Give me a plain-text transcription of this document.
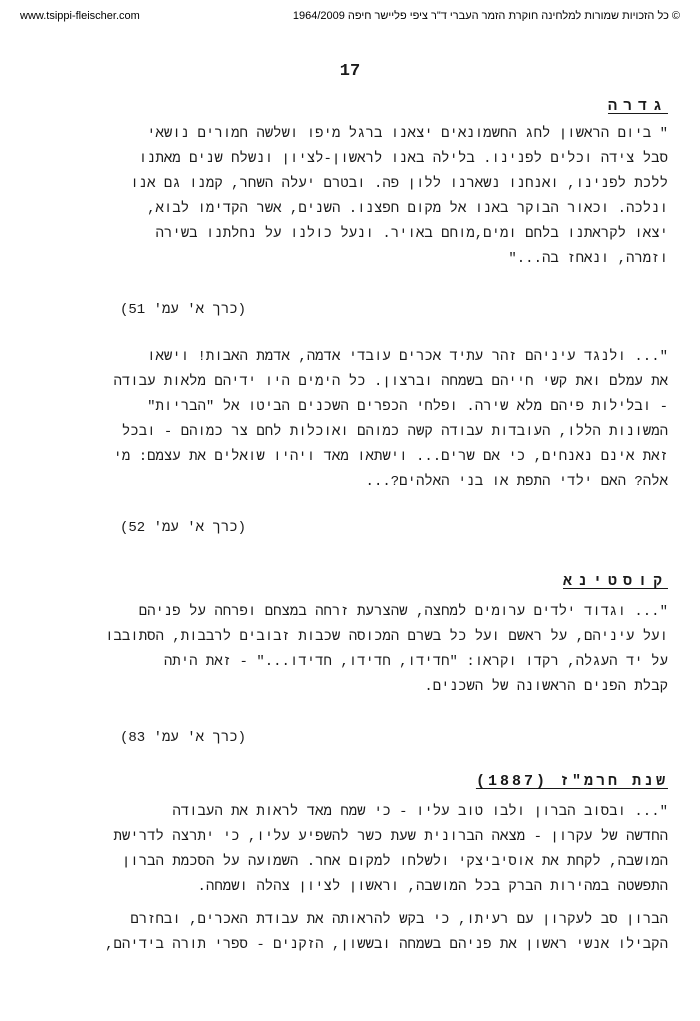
www.tsippi-fleischer.com	© כל הזכויות שמורות למלחינה חוקרת הזמר העברי ד"ר ציפי פליישר חיפה 1964/2009
17
גדרה
" ביום הראשון לחג החשמונאים יצאנו ברגל מיפו ושלשה חמורים נושאי
סבל צידה וכלים לפנינו. בלילה באנו לראשון-לציון ונשלח שנים מאתנו
ללכת לפנינו, ואנחנו נשארנו ללון פה. ובטרם יעלה השחר, קמנו גם אנו
ונלכה. וכאור הבוקר באנו אל מקום חפצנו. השנים, אשר הקדימו לבוא,
יצאו לקראתנו בלחם ומים,מוחם באויר. ונעל כולנו על נחלתנו בשירה
וזמרה, ונאחז בה..."
(כרך א' עמ' 51)
"... ולנגד עיניהם זהר עתיד אכרים עובדי אדמה, אדמת האבות! וישאו
את עמלם ואת קשי חייהם בשמחה וברצון. כל הימים היו ידיהם מלאות עבודה
- ובלילות פיהם מלא שירה. ופלחי הכפרים השכנים הביטו אל "הבריות"
המשונות הללו, העובדות עבודה קשה כמוהם ואוכלות לחם צר כמוהם - ובכל
זאת אינם נאנחים, כי אם שרים... וישתאו מאד ויהיו שואלים את עצמם: מי
אלה? האם ילדי התפת או בני האלהים?...
(כרך א' עמ' 52)
קוסטינא
"... וגדוד ילדים ערומים למחצה, שהצרעת זרחה במצחם ופרחה על פניהם
ועל עיניהם, על ראשם ועל כל בשרם המכוסה שכבות זבובים לרבבות, הסתובבו
על יד העגלה, רקדו וקראו: "חדידו, חדידו, חדידו..." - זאת היתה
קבלת הפנים הראשונה של השכנים.
(כרך א' עמ' 83)
שנת חרמ"ז (1887)
"... ובסוב הברון ולבו טוב עליו - כי שמח מאד לראות את העבודה
החדשה של עקרון - מצאה הברונית שעת כשר להשפיע עליו, כי יתרצה לדרישת
המושבה, לקחת את אוסיביצקי ולשלחו למקום אחר. השמועה על הסכמת הברון
התפשטה במהירות הברק בכל המושבה, וראשון לציון צהלה ושמחה.
הברון סב לעקרון עם רעיתו, כי בקש להראותה את עבודת האכרים, ובחזרם
הקבילו אנשי ראשון את פניהם בשמחה ובששון, הזקנים - ספרי תורה בידיהם,
